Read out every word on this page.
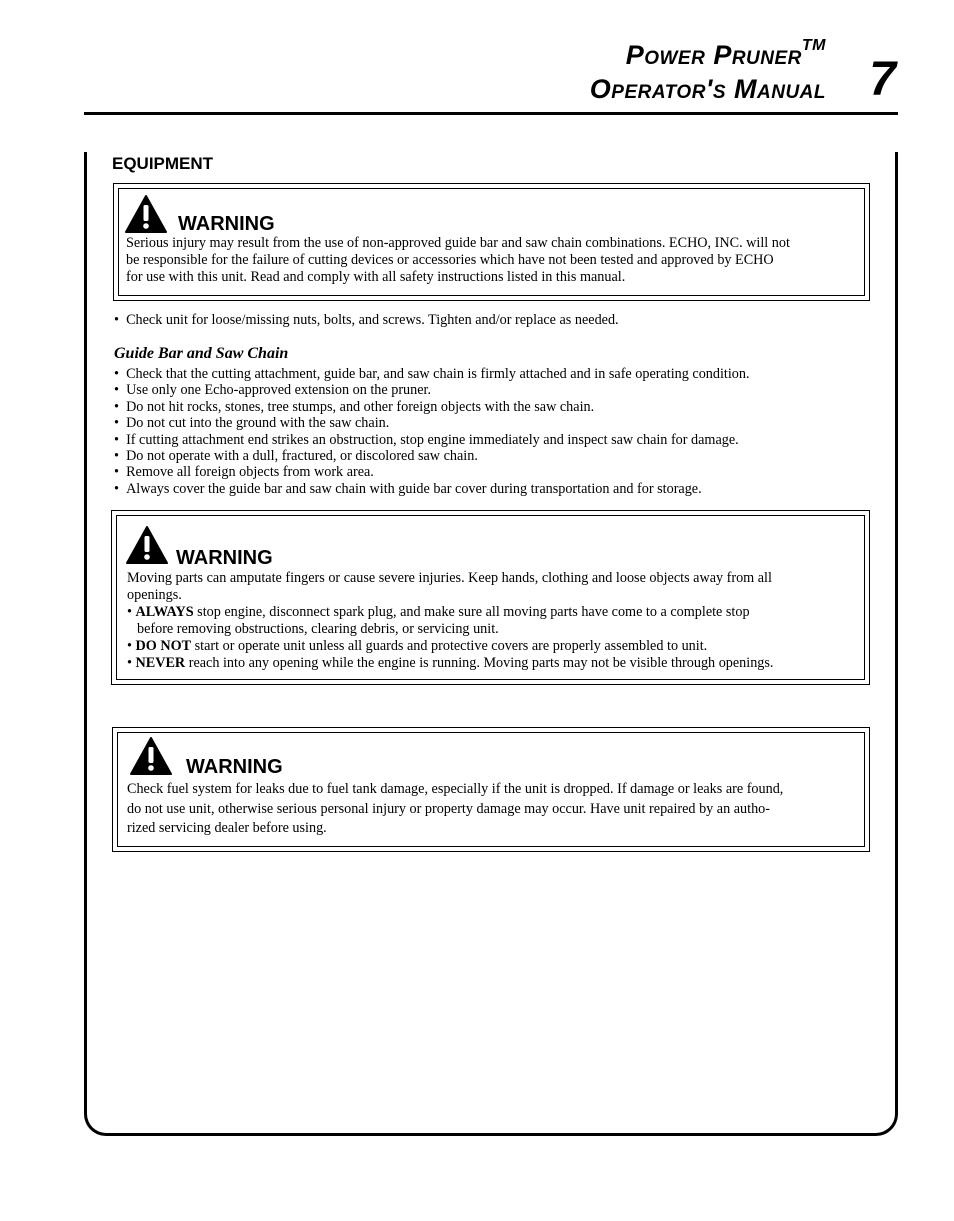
Power Pruner™
Operator's Manual 7
EQUIPMENT
WARNING
Serious injury may result from the use of non-approved guide bar and saw chain combinations. ECHO, INC. will not
be responsible for the failure of cutting devices or accessories which have not been tested and approved by ECHO
for use with this unit. Read and comply with all safety instructions listed in this manual.
•  Check unit for loose/missing nuts, bolts, and screws. Tighten and/or replace as needed.
Guide Bar and Saw Chain
•  Check that the cutting attachment, guide bar, and saw chain is firmly attached and in safe operating condition.
•  Use only one Echo-approved extension on the pruner.
•  Do not hit rocks, stones, tree stumps, and other foreign objects with the saw chain.
•  Do not cut into the ground with the saw chain.
•  If cutting attachment end strikes an obstruction, stop engine immediately and inspect saw chain for damage.
•  Do not operate with a dull, fractured, or discolored saw chain.
•  Remove all foreign objects from work area.
•  Always cover the guide bar and saw chain with guide bar cover during transportation and for storage.
WARNING
Moving parts can amputate fingers or cause severe injuries. Keep hands, clothing and loose objects away from all
openings.
• ALWAYS stop engine, disconnect spark plug, and make sure all moving parts have come to a complete stop
before removing obstructions, clearing debris, or servicing unit.
• DO NOT start or operate unit unless all guards and protective covers are properly assembled to unit.
• NEVER reach into any opening while the engine is running. Moving parts may not be visible through openings.
WARNING
Check fuel system for leaks due to fuel tank damage, especially if the unit is dropped. If damage or leaks are found,
do not use unit, otherwise serious personal injury or property damage may occur. Have unit repaired by an autho-
rized servicing dealer before using.
